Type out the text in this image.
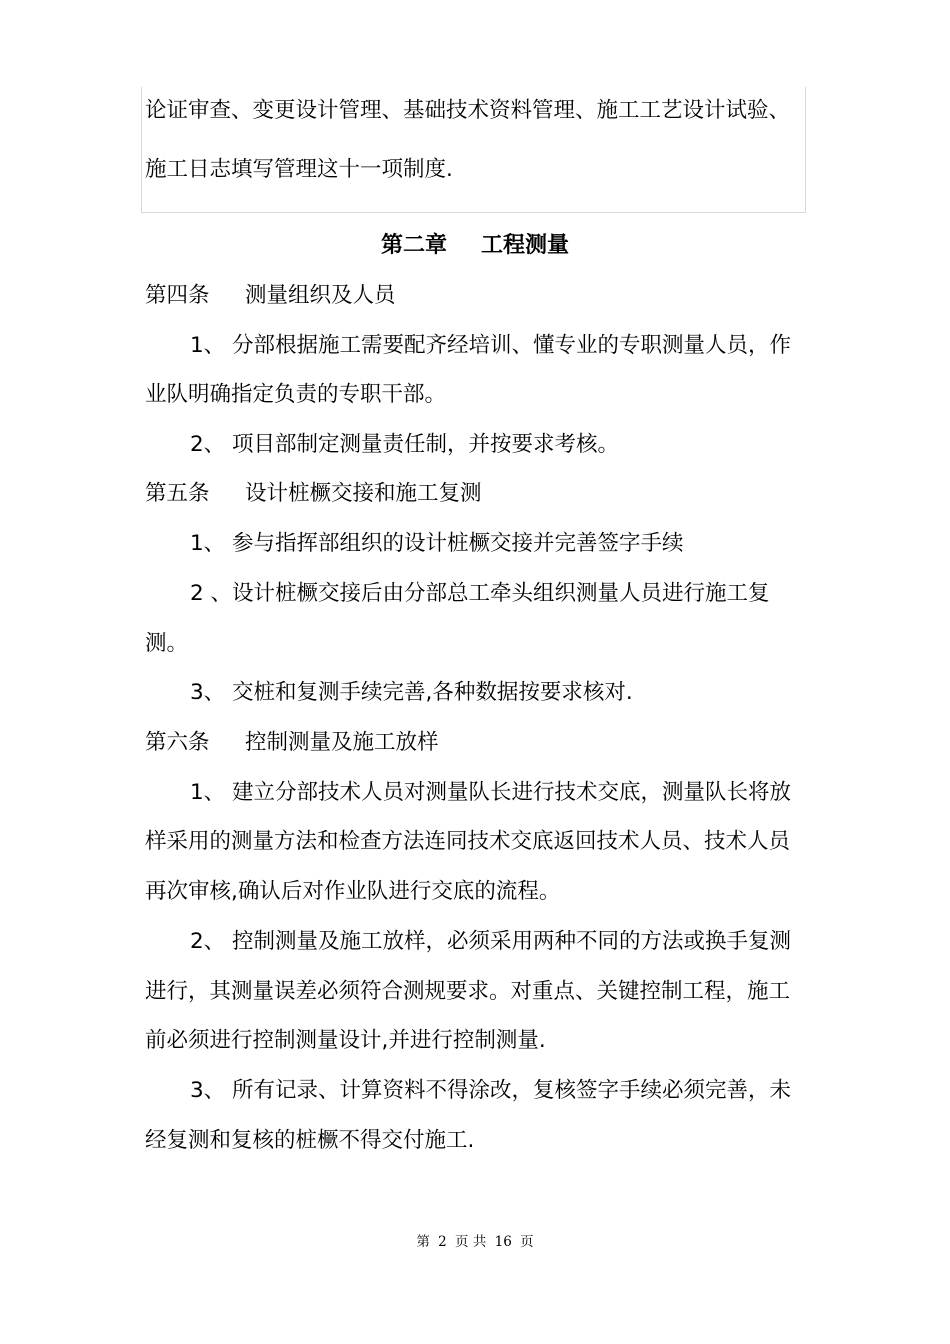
论证审查、变更设计管理、基础技术资料管理、施工工艺设计试验、
施工日志填写管理这十一项制度.
第二章 工程测量
第四条 测量组织及人员
1、 分部根据施工需要配齐经培训、懂专业的专职测量人员，作
业队明确指定负责的专职干部。
2、 项目部制定测量责任制，并按要求考核。
第五条 设计桩橛交接和施工复测
1、 参与指挥部组织的设计桩橛交接并完善签字手续
2 、设计桩橛交接后由分部总工牵头组织测量人员进行施工复
测。
3、 交桩和复测手续完善,各种数据按要求核对.
第六条 控制测量及施工放样
1、 建立分部技术人员对测量队长进行技术交底，测量队长将放
样采用的测量方法和检查方法连同技术交底返回技术人员、技术人员
再次审核,确认后对作业队进行交底的流程。
2、 控制测量及施工放样，必须采用两种不同的方法或换手复测
进行，其测量误差必须符合测规要求。对重点、关键控制工程，施工
前必须进行控制测量设计,并进行控制测量.
3、 所有记录、计算资料不得涂改，复核签字手续必须完善，未
经复测和复核的桩橛不得交付施工.
第 2 页 共 16 页
